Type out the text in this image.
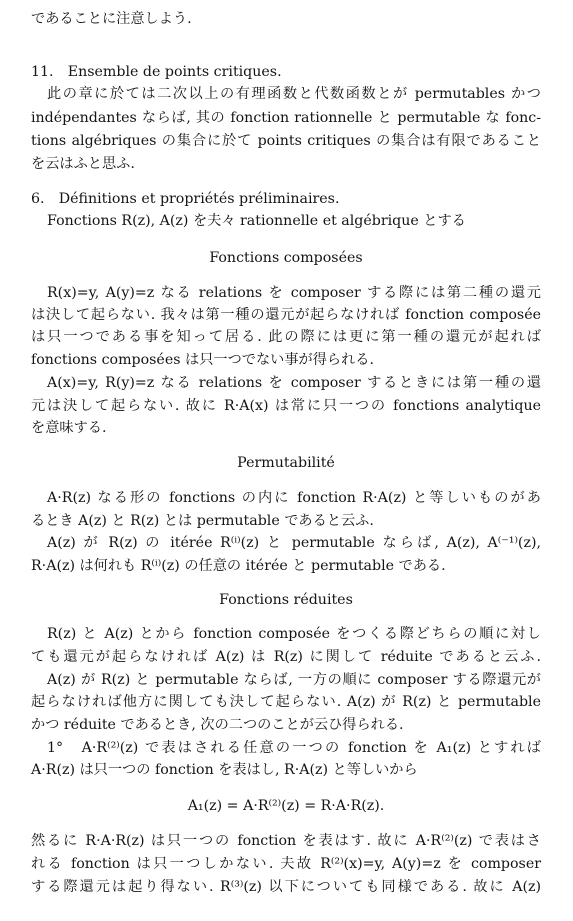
であることに注意しよう.
11.　Ensemble de points critiques.
此の章に於ては二次以上の有理函数と代数函数とが permutables かつ
indépendantes ならば, 其の fonction rationnelle と permutable な fonc-
tions algébriques の集合に於て points critiques の集合は有限であること
を云はふと思ふ.
6.　Définitions et propriétés préliminaires.
Fonctions R(z), A(z) を夫々 rationnelle et algébrique とする
Fonctions composées
R(x)=y, A(y)=z なる relations を composer する際には第二種の還元
は決して起らない. 我々は第一種の還元が起らなければ fonction composée
は只一つである事を知って居る. 此の際には更に第一種の還元が起れば
fonctions composées は只一つでない事が得られる.
A(x)=y, R(y)=z なる relations を composer するときには第一種の還
元は決して起らない. 故に R·A(x) は常に只一つの fonctions analytique
を意味する.
Permutabilité
A·R(z) なる形の fonctions の内に fonction R·A(z) と等しいものがあ
るとき A(z) と R(z) とは permutable であると云ふ.
A(z) が R(z) の itérée R⁽ⁱ⁾(z) と permutable ならば, A(z), A⁽⁻¹⁾(z),
R·A(z) は何れも R⁽ⁱ⁾(z) の任意の itérée と permutable である.
Fonctions réduites
R(z) と A(z) とから fonction composée をつくる際どちらの順に対し
ても還元が起らなければ A(z) は R(z) に関して réduite であると云ふ.
A(z) が R(z) と permutable ならば, 一方の順に composer する際還元が
起らなければ他方に関しても決して起らない. A(z) が R(z) と permutable
かつ réduite であるとき, 次の二つのことが云ひ得られる.
1°　A·R⁽²⁾(z) で表はされる任意の一つの fonction を A₁(z) とすれば
A·R(z) は只一つの fonction を表はし, R·A(z) と等しいから
A₁(z) = A·R⁽²⁾(z) = R·A·R(z).
然るに R·A·R(z) は只一つの fonction を表はす. 故に A·R⁽²⁾(z) で表はさ
れる fonction は只一つしかない. 夫故 R⁽²⁾(x)=y, A(y)=z を composer
する際還元は起り得ない. R⁽³⁾(z) 以下についても同様である. 故に A(z)
